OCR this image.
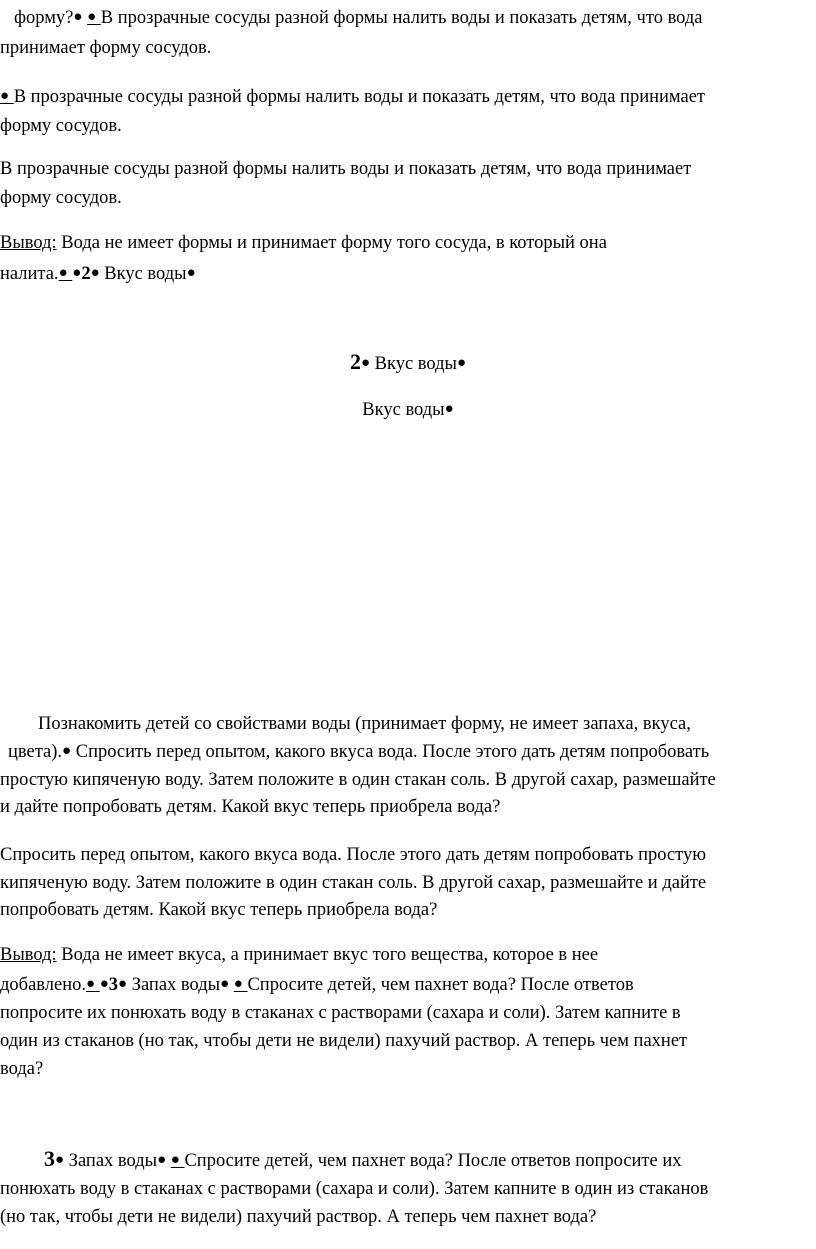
форму?● ● В прозрачные сосуды разной формы налить воды и показать детям, что вода

принимает форму сосудов.

● В прозрачные сосуды разной формы налить воды и показать детям, что вода принимает

форму сосудов.

В прозрачные сосуды разной формы налить воды и показать детям, что вода принимает

форму сосудов.

Вывод: Вода не имеет формы и принимает форму того сосуда, в который она

налита.● ●2● Вкус воды●

2● Вкус воды●

Вкус воды●

Познакомить детей со свойствами воды (принимает форму, не имеет запаха, вкуса,

цвета).● Спросить перед опытом, какого вкуса вода. После этого дать детям попробовать

простую кипяченую воду. Затем положите в один стакан соль. В другой сахар, размешайте

и дайте попробовать детям. Какой вкус теперь приобрела вода?

Спросить перед опытом, какого вкуса вода. После этого дать детям попробовать простую

кипяченую воду. Затем положите в один стакан соль. В другой сахар, размешайте и дайте

попробовать детям. Какой вкус теперь приобрела вода?

Вывод: Вода не имеет вкуса, а принимает вкус того вещества, которое в нее

добавлено.● ●3● Запах воды● ● Спросите детей, чем пахнет вода? После ответов

попросите их понюхать воду в стаканах с растворами (сахара и соли). Затем капните в

один из стаканов (но так, чтобы дети не видели) пахучий раствор. А теперь чем пахнет

вода?

3● Запах воды● ● Спросите детей, чем пахнет вода? После ответов попросите их

понюхать воду в стаканах с растворами (сахара и соли). Затем капните в один из стаканов

(но так, чтобы дети не видели) пахучий раствор. А теперь чем пахнет вода?
